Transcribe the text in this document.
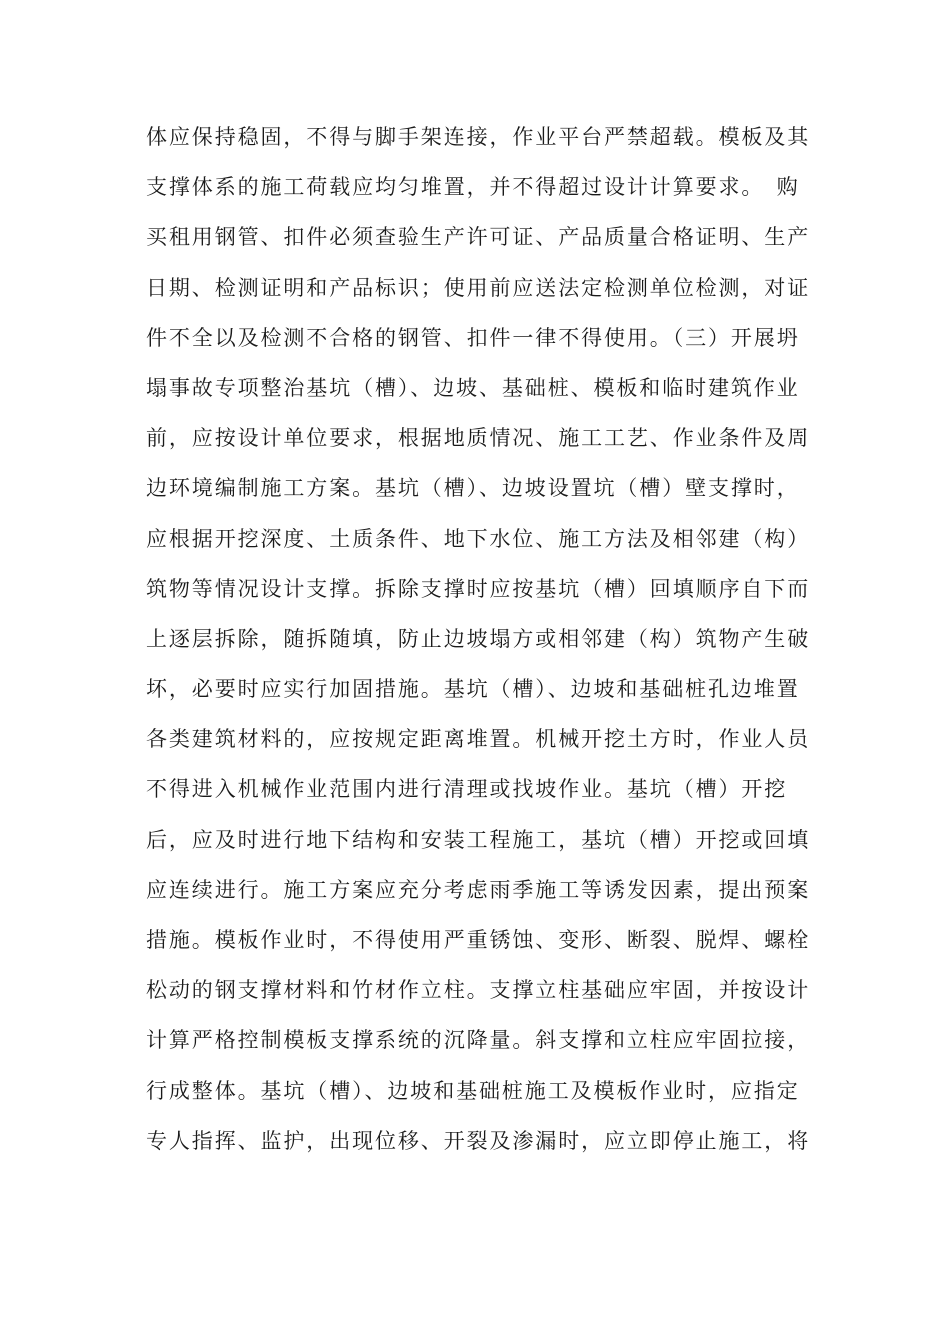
体应保持稳固，不得与脚手架连接，作业平台严禁超载。模板及其
支撑体系的施工荷载应均匀堆置，并不得超过设计计算要求。　购
买租用钢管、扣件必须查验生产许可证、产品质量合格证明、生产
日期、检测证明和产品标识；使用前应送法定检测单位检测，对证
件不全以及检测不合格的钢管、扣件一律不得使用。（三）开展坍
塌事故专项整治基坑（槽）、边坡、基础桩、模板和临时建筑作业
前，应按设计单位要求，根据地质情况、施工工艺、作业条件及周
边环境编制施工方案。基坑（槽）、边坡设置坑（槽）壁支撑时，
应根据开挖深度、土质条件、地下水位、施工方法及相邻建（构）
筑物等情况设计支撑。拆除支撑时应按基坑（槽）回填顺序自下而
上逐层拆除，随拆随填，防止边坡塌方或相邻建（构）筑物产生破
坏，必要时应实行加固措施。基坑（槽）、边坡和基础桩孔边堆置
各类建筑材料的，应按规定距离堆置。机械开挖土方时，作业人员
不得进入机械作业范围内进行清理或找坡作业。基坑（槽）开挖
后，应及时进行地下结构和安装工程施工，基坑（槽）开挖或回填
应连续进行。施工方案应充分考虑雨季施工等诱发因素，提出预案
措施。模板作业时，不得使用严重锈蚀、变形、断裂、脱焊、螺栓
松动的钢支撑材料和竹材作立柱。支撑立柱基础应牢固，并按设计
计算严格控制模板支撑系统的沉降量。斜支撑和立柱应牢固拉接，
行成整体。基坑（槽）、边坡和基础桩施工及模板作业时，应指定
专人指挥、监护，出现位移、开裂及渗漏时，应立即停止施工，将
